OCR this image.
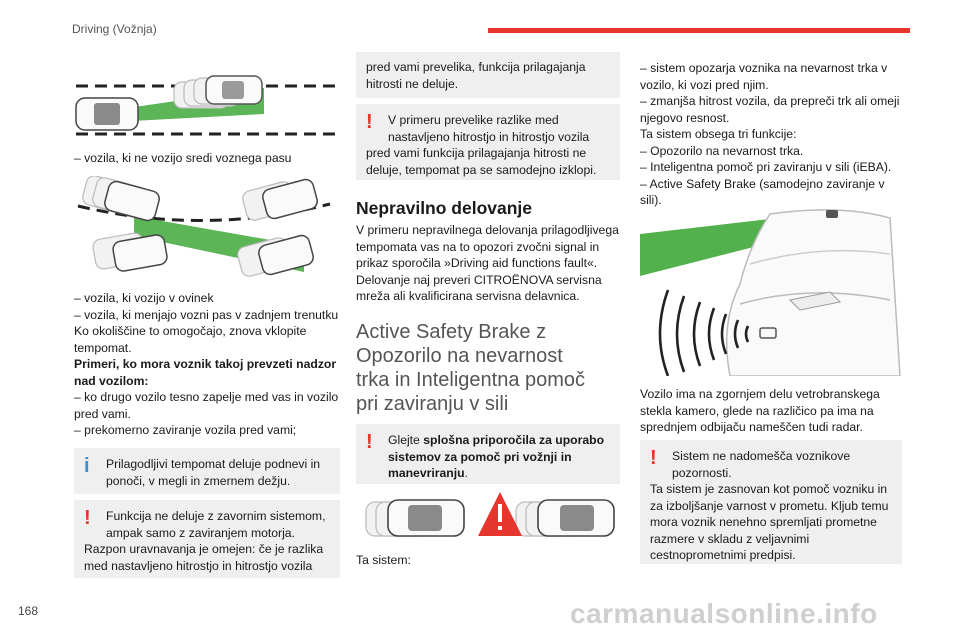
Driving (Vožnja)
– vozila, ki ne vozijo sredi voznega pasu
– vozila, ki vozijo v ovinek
– vozila, ki menjajo vozni pas v zadnjem trenutku
Ko okoliščine to omogočajo, znova vklopite tempomat.
Primeri, ko mora voznik takoj prevzeti nadzor nad vozilom:
– ko drugo vozilo tesno zapelje med vas in vozilo pred vami.
– prekomerno zaviranje vozila pred vami;
i	Prilagodljivi tempomat deluje podnevi in ponoči, v megli in zmernem dežju.
!	Funkcija ne deluje z zavornim sistemom, ampak samo z zaviranjem motorja.
Razpon uravnavanja je omejen: če je razlika med nastavljeno hitrostjo in hitrostjo vozila
pred vami prevelika, funkcija prilagajanja hitrosti ne deluje.
!	V primeru prevelike razlike med nastavljeno hitrostjo in hitrostjo vozila
pred vami funkcija prilagajanja hitrosti ne deluje, tempomat pa se samodejno izklopi.
Nepravilno delovanje
V primeru nepravilnega delovanja prilagodljivega tempomata vas na to opozori zvočni signal in prikaz sporočila »Driving aid functions fault«. Delovanje naj preveri CITROËNOVA servisna mreža ali kvalificirana servisna delavnica.
Active Safety Brake z
Opozorilo na nevarnost
trka in Inteligentna pomoč
pri zaviranju v sili
!	Glejte splošna priporočila za uporabo sistemov za pomoč pri vožnji in manevriranju.
Ta sistem:
– sistem opozarja voznika na nevarnost trka v vozilo, ki vozi pred njim.
– zmanjša hitrost vozila, da prepreči trk ali omeji njegovo resnost.
Ta sistem obsega tri funkcije:
– Opozorilo na nevarnost trka.
– Inteligentna pomoč pri zaviranju v sili (iEBA).
– Active Safety Brake (samodejno zaviranje v sili).
Vozilo ima na zgornjem delu vetrobranskega stekla kamero, glede na različico pa ima na sprednjem odbijaču nameščen tudi radar.
!	Sistem ne nadomešča voznikove pozornosti.
Ta sistem je zasnovan kot pomoč vozniku in za izboljšanje varnost v prometu. Kljub temu mora voznik nenehno spremljati prometne razmere v skladu z veljavnimi cestnoprometnimi predpisi.
168	carmanualsonline.info
